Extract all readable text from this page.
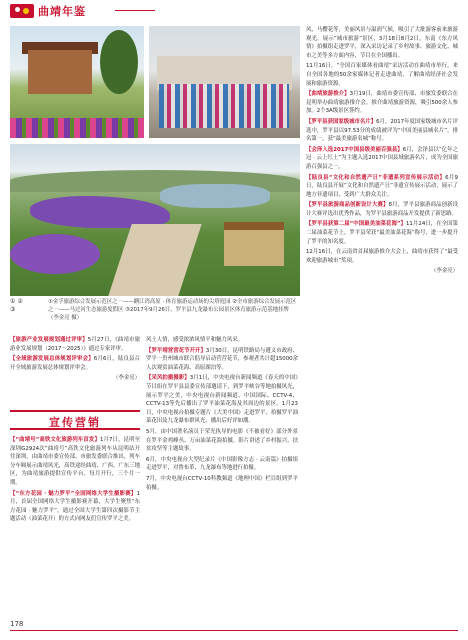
曲靖年鉴
① ②
③
①金孚旅游综合发展示范区之一——麒江湾高原 · 体育旅游运动场的尖塔庭园 ②全市旅游综合发展示范区之一——马过河生态旅游度假区 ③2017年9月26日，罗平县九龙瀑布公园景区体育旅游示范基地挂牌（李金亮 摄）

【旅游产业发展规划通过评审】5月27日，《曲靖市旅游业发展规划（2017～2025）》通过专家评审。

【全域旅游发展总体规划评审会】6月6日，陆良县召开全域旅游发展总体规划评审会。

（李金亮）
宣传营销

【“曲靖号”高铁文化旅游列车首发】1月7日，昆明至深圳G2924次“曲靖号”高铁文化旅游列车从昆明站开往深圳，由曲靖市委宣传部、市旅发委联合推出。列车分车厢展示曲靖风光，高铁途经曲靖、广西、广东三地区，为曲靖旅游提供宣传平台，每月开行，三个月一期。

【“东方花园 · 魅力罗平”全国网络大学生摄影赛】1月，首届全国网络大学生摄影赛开幕，大学生聚焦“东方花园 · 魅力罗平”，通过全国大学生第四次摄影节主题活动（油菜花开）的方式向网友们宣传罗平之美。

风土人情，感受浓浓风情平和魅力风采。

【罗平靖营营花节开开】3月30日，昆明铁路局与遵义市政府、罗平一贵州城市联合倡导启动营营花节，参观者共计超15000余人次观赏油菜花海、高原湖泊等。

【采风拍摄摄影】3月1日，中央电视台新闻频道《春天的中国》节目组在罗平县县委宣传部邀请下，到罗平峡谷等地拍摄风光，展示罗平之美，中央电视台新闻频道、中国国际、CCTV-4、CCTV-13等先后播出了罗平油菜花海及其周边的景区。1月23日，中央电视台拍摄专题片《大美中国》走进罗平，拍摄罗平油菜花田及九龙瀑布群风光，播出后好评如潮。

5月，由中国著名演员于荣光执导的电影《不被看好》部分外景在罗平金鸡峰丛、万亩油菜花海拍摄。影片讲述了乡村振兴、扶贫攻坚等主题故事。

6月，中央电视台大型纪录片《中国影像方志 · 云南篇》拍摄组走进罗平，对鲁布革、九龙瀑布等地进行拍摄。

7月，中央电视台CCTV-10科教频道《地理中国》栏目组到罗平拍摄。

风、马樱花等，美丽风景与温润气候，吸引了大批游客前来旅游观光。展示“城市旅游”景区，3月18日8月2日，东南《东方风情》拍摄组走进罗平，深入采访记录了乡村故事、旅游文化、城市之美等多方面内容，节目在全国播出。

11月16日，“全国百家媒体看曲靖”采访活动在曲靖市举行，来自全国各地的50余家媒体记者走进曲靖，了解曲靖经济社会发展和旅游资源。

【曲靖旅游推介】3月19日，曲靖市委宣传部、市旅发委联合在昆明举办曲靖旅游推介会，推介曲靖旅游资源，吸引500余人参加。2个3A级景区签约。

【罗平县获国家级城市名片】6月，2017年度国家级城市名片评选中，罗平县以97.53分的成绩被评为“中国美丽县城名片”，排名第一，获“最美旅游名城”称号。

【会泽入选2017中国县级美丽百强县】6月，会泽县以“亿年之冠 · 云上红土”为主题入选2017中国县域旅游名片，成为全国旅游百强县之一。

【陆良县“文化和自然遗产日”非遗系列宣传展示活动】6月9日，陆良县开展“文化和自然遗产日”非遗宣传展示活动，展示了地方非遗项目，受到广大群众关注。

【罗平县旅游商品创新设计大赛】8月，罗平县旅游商品创新设计大赛评选出优秀作品，为罗平县旅游商品开发提供了新思路。

【罗平县获第二届“中国最美油菜花海”】11月24日，在全国第二届油菜花节上，罗平县荣获“最美油菜花海”称号，进一步提升了罗平的知名度。

12月16日，在云南省首届旅游推介大会上，曲靖市获得了“最受欢迎旅游城市”奖项。

（李金亮）
178
